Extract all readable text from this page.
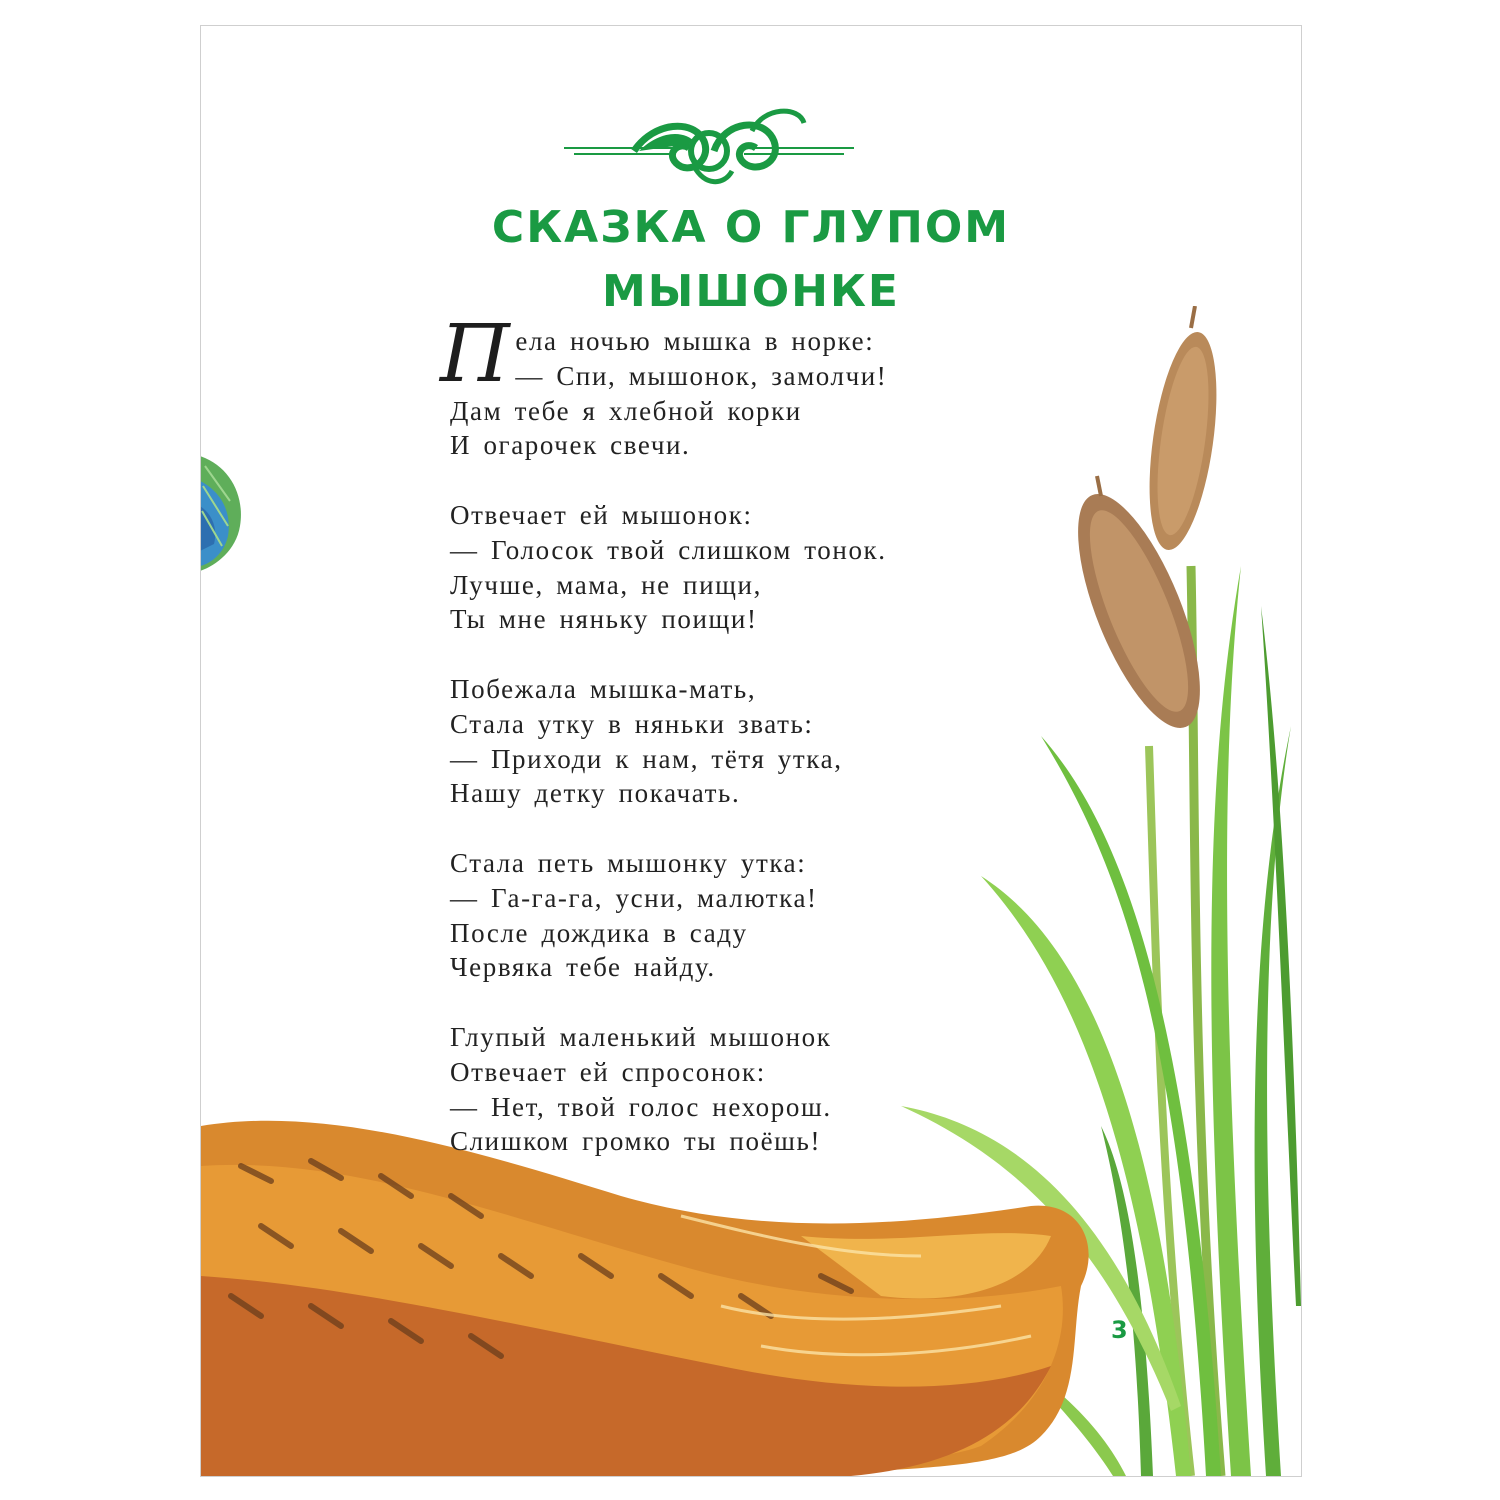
СКАЗКА О ГЛУПОМ
МЫШОНКЕ
П ела ночью мышка в норке:
— Спи, мышонок, замолчи!
Дам тебе я хлебной корки
И огарочек свечи.
Отвечает ей мышонок:
— Голосок твой слишком тонок.
Лучше, мама, не пищи,
Ты мне няньку поищи!
Побежала мышка-мать,
Стала утку в няньки звать:
— Приходи к нам, тётя утка,
Нашу детку покачать.
Стала петь мышонку утка:
— Га-га-га, усни, малютка!
После дождика в саду
Червяка тебе найду.
Глупый маленький мышонок
Отвечает ей спросонок:
— Нет, твой голос нехорош.
Слишком громко ты поёшь!
3
